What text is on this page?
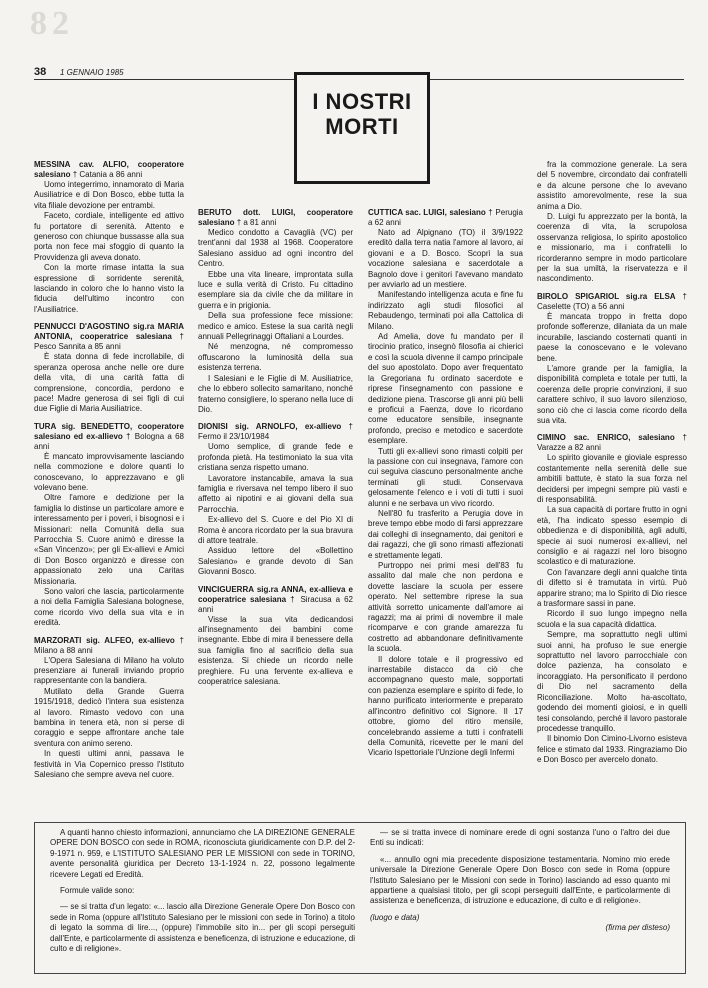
8 2
38 1 GENNAIO 1985
I NOSTRI
MORTI
MESSINA cav. ALFIO, cooperatore salesiano † Catania a 86 anni

Uomo integerrimo, innamorato di Maria Ausiliatrice e di Don Bosco, ebbe tutta la vita filiale devozione per entrambi.

Faceto, cordiale, intelligente ed attivo fu portatore di serenità. Attento e generoso con chiunque bussasse alla sua porta non fece mai sfoggio di quanto la Provvidenza gli aveva donato.

Con la morte rimase intatta la sua espressione di sorridente serenità, lasciando in coloro che lo hanno visto la fiducia dell'ultimo incontro con l'Ausiliatrice.

PENNUCCI D'AGOSTINO sig.ra MARIA ANTONIA, cooperatrice salesiana † Pesco Sannita a 85 anni

È stata donna di fede incrollabile, di speranza operosa anche nelle ore dure della vita, di una carità fatta di comprensione, concordia, perdono e pace! Madre generosa di sei figli di cui due Figlie di Maria Ausiliatrice.

TURA sig. BENEDETTO, cooperatore salesiano ed ex-allievo † Bologna a 68 anni

È mancato improvvisamente lasciando nella commozione e dolore quanti lo conoscevano, lo apprezzavano e gli volevano bene.

Oltre l'amore e dedizione per la famiglia lo distinse un particolare amore e interessamento per i poveri, i bisognosi e i Missionari: nella Comunità della sua Parrocchia S. Cuore animò e diresse la «San Vincenzo»; per gli Ex-allievi e Amici di Don Bosco organizzò e diresse con appassionato zelo una Caritas Missionaria.

Sono valori che lascia, particolarmente a noi della Famiglia Salesiana bolognese, come ricordo vivo della sua vita e in eredità.

MARZORATI sig. ALFEO, ex-allievo † Milano a 88 anni

L'Opera Salesiana di Milano ha voluto presenziare ai funerali inviando proprio rappresentante con la bandiera.

Mutilato della Grande Guerra 1915/1918, dedicò l'intera sua esistenza al lavoro. Rimasto vedovo con una bambina in tenera età, non si perse di coraggio e seppe affrontare anche tale sventura con animo sereno.

In questi ultimi anni, passava le festività in Via Copernico presso l'Istituto Salesiano che sempre aveva nel cuore.

BERUTO dott. LUIGI, cooperatore salesiano † a 81 anni

Medico condotto a Cavaglià (VC) per trent'anni dal 1938 al 1968. Cooperatore Salesiano assiduo ad ogni incontro del Centro.

Ebbe una vita lineare, improntata sulla luce e sulla verità di Cristo. Fu cittadino esemplare sia da civile che da militare in guerra e in prigionia.

Della sua professione fece missione: medico e amico. Estese la sua carità negli annuali Pellegrinaggi Oftaliani a Lourdes.

Né menzogna, né compromesso offuscarono la luminosità della sua esistenza terrena.

I Salesiani e le Figlie di M. Ausiliatrice, che lo ebbero sollecito samaritano, nonché fraterno consigliere, lo sperano nella luce di Dio.

DIONISI sig. ARNOLFO, ex-allievo † Fermo il 23/10/1984

Uomo semplice, di grande fede e profonda pietà. Ha testimoniato la sua vita cristiana senza rispetto umano.

Lavoratore instancabile, amava la sua famiglia e riversava nel tempo libero il suo affetto ai nipotini e ai giovani della sua Parrocchia.

Ex-allievo del S. Cuore e del Pio XI di Roma è ancora ricordato per la sua bravura di attore teatrale.

Assiduo lettore del «Bollettino Salesiano» e grande devoto di San Giovanni Bosco.

VINCIGUERRA sig.ra ANNA, ex-allieva e cooperatrice salesiana † Siracusa a 62 anni

Visse la sua vita dedicandosi all'insegnamento dei bambini come insegnante. Ebbe di mira il benessere della sua famiglia fino al sacrificio della sua esistenza. Si chiede un ricordo nelle preghiere. Fu una fervente ex-allieva e cooperatrice salesiana.

CUTTICA sac. LUIGI, salesiano † Perugia a 62 anni

Nato ad Alpignano (TO) il 3/9/1922 ereditò dalla terra natia l'amore al lavoro, ai giovani e a D. Bosco. Scoprì la sua vocazione salesiana e sacerdotale a Bagnolo dove i genitori l'avevano mandato per avviarlo ad un mestiere.

Manifestando intelligenza acuta e fine fu indirizzato agli studi filosofici al Rebaudengo, terminati poi alla Cattolica di Milano.

Ad Amelia, dove fu mandato per il tirocinio pratico, insegnò filosofia ai chierici e così la scuola divenne il campo principale del suo apostolato. Dopo aver frequentato la Gregoriana fu ordinato sacerdote e riprese l'insegnamento con passione e dedizione piena. Trascorse gli anni più belli e proficui a Faenza, dove lo ricordano come educatore sensibile, insegnante profondo, preciso e metodico e sacerdote esemplare.

Tutti gli ex-allievi sono rimasti colpiti per la passione con cui insegnava, l'amore con cui seguiva ciascuno personalmente anche terminati gli studi. Conservava gelosamente l'elenco e i voti di tutti i suoi alunni e ne serbava un vivo ricordo.

Nell'80 fu trasferito a Perugia dove in breve tempo ebbe modo di farsi apprezzare dai colleghi di insegnamento, dai genitori e dai ragazzi, che gli sono rimasti affezionati e strettamente legati.

Purtroppo nei primi mesi dell'83 fu assalito dal male che non perdona e dovette lasciare la scuola per essere operato. Nel settembre riprese la sua attività sorretto unicamente dall'amore ai ragazzi; ma ai primi di novembre il male ricomparve e con grande amarezza fu costretto ad abbandonare definitivamente la scuola.

Il dolore totale e il progressivo ed inarrestabile distacco da ciò che accompagnano questo male, sopportati con pazienza esemplare e spirito di fede, lo hanno purificato interiormente e preparato all'incontro definitivo col Signore. Il 17 ottobre, giorno del ritiro mensile, concelebrando assieme a tutti i confratelli della Comunità, ricevette per le mani del Vicario Ispettoriale l'Unzione degli Infermi

fra la commozione generale. La sera del 5 novembre, circondato dai confratelli e da alcune persone che lo avevano assistito amorevolmente, rese la sua anima a Dio.

D. Luigi fu apprezzato per la bontà, la coerenza di vita, la scrupolosa osservanza religiosa, lo spirito apostolico e missionario, ma i confratelli lo ricorderanno sempre in modo particolare per la sua umiltà, la riservatezza e il nascondimento.

BIROLO SPIGARIOL sig.ra ELSA † Caselette (TO) a 56 anni

È mancata troppo in fretta dopo profonde sofferenze, dilaniata da un male incurabile, lasciando costernati quanti in paese la conoscevano e le volevano bene.

L'amore grande per la famiglia, la disponibilità completa e totale per tutti, la coerenza delle proprie convinzioni, il suo carattere schivo, il suo lavoro silenzioso, sono ciò che ci lascia come ricordo della sua vita.

CIMINO sac. ENRICO, salesiano † Varazze a 82 anni

Lo spirito giovanile e gioviale espresso costantemente nella serenità delle sue ambitili battute, è stato la sua forza nel decidersi per impegni sempre più vasti e di responsabilità.

La sua capacità di portare frutto in ogni età, l'ha indicato spesso esempio di obbedienza e di disponibilità, agli adulti, specie ai suoi numerosi ex-allievi, nel consiglio e ai ragazzi nel loro bisogno scolastico e di maturazione.

Con l'avanzare degli anni qualche tinta di difetto si è tramutata in virtù. Può apparire strano; ma lo Spirito di Dio riesce a trasformare sassi in pane.

Ricordo il suo lungo impegno nella scuola e la sua capacità didattica.

Sempre, ma soprattutto negli ultimi suoi anni, ha profuso le sue energie soprattutto nel lavoro parrocchiale con dolce pazienza, ha consolato e incoraggiato. Ha personificato il perdono di Dio nel sacramento della Riconciliazione. Molto ha-ascoltato, godendo dei momenti gioiosi, e in quelli tesi consolando, perché il lavoro pastorale procedesse tranquillo.

Il binomio Don Cimino-Livorno esisteva felice e stimato dal 1933. Ringraziamo Dio e Don Bosco per avercelo donato.

A quanti hanno chiesto informazioni, annunciamo che LA DIREZIONE GENERALE OPERE DON BOSCO con sede in ROMA, riconosciuta giuridicamente con D.P. del 2-9-1971 n. 959, e L'ISTITUTO SALESIANO PER LE MISSIONI con sede in TORINO, avente personalità giuridica per Decreto 13-1-1924 n. 22, possono legalmente ricevere Legati ed Eredità.

Formule valide sono:

— se si tratta d'un legato: «... lascio alla Direzione Generale Opere Don Bosco con sede in Roma (oppure all'Istituto Salesiano per le missioni con sede in Torino) a titolo di legato la somma di lire..., (oppure) l'immobile sito in... per gli scopi perseguiti dall'Ente, e particolarmente di assistenza e beneficenza, di istruzione e educazione, di culto e di religione».

— se si tratta invece di nominare erede di ogni sostanza l'uno o l'altro dei due Enti su indicati:

«... annullo ogni mia precedente disposizione testamentaria. Nomino mio erede universale la Direzione Generale Opere Don Bosco con sede in Roma (oppure l'Istituto Salesiano per le Missioni con sede in Torino) lasciando ad esso quanto mi appartiene a qualsiasi titolo, per gli scopi perseguiti dall'Ente, e particolarmente di assistenza e beneficenza, di istruzione e educazione, di culto e di religione».

(luogo e data)
(firma per disteso)
